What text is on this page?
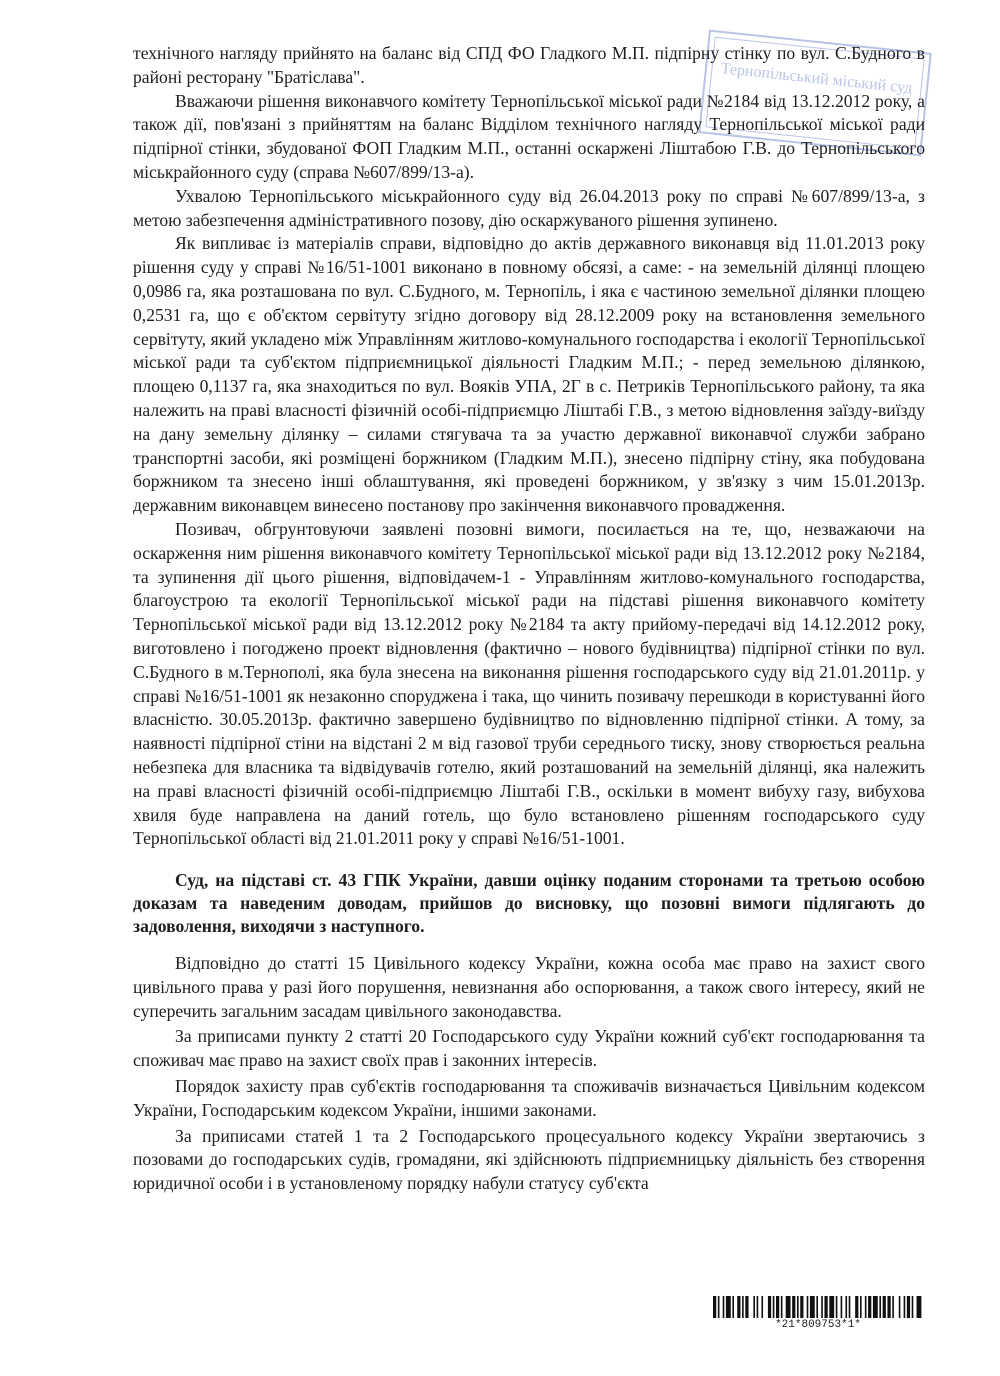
Тернопільський міський суд

технічного нагляду прийнято на баланс від СПД ФО Гладкого М.П. підпірну стінку по вул. С.Будного в районі ресторану "Братіслава".

Вважаючи рішення виконавчого комітету Тернопільської міської ради №2184 від 13.12.2012 року, а також дії, пов'язані з прийняттям на баланс Відділом технічного нагляду Тернопільської міської ради підпірної стінки, збудованої ФОП Гладким М.П., останні оскаржені Ліштабою Г.В. до Тернопільського міськрайонного суду (справа №607/899/13-а).

Ухвалою Тернопільського міськрайонного суду від 26.04.2013 року по справі №607/899/13-а, з метою забезпечення адміністративного позову, дію оскаржуваного рішення зупинено.

Як випливає із матеріалів справи, відповідно до актів державного виконавця від 11.01.2013 року рішення суду у справі №16/51-1001 виконано в повному обсязі, а саме: - на земельній ділянці площею 0,0986 га, яка розташована по вул. С.Будного, м. Тернопіль, і яка є частиною земельної ділянки площею 0,2531 га, що є об'єктом сервітуту згідно договору від 28.12.2009 року на встановлення земельного сервітуту, який укладено між Управлінням житлово-комунального господарства і екології Тернопільської міської ради та суб'єктом підприємницької діяльності Гладким М.П.; - перед земельною ділянкою, площею 0,1137 га, яка знаходиться по вул. Вояків УПА, 2Г в с. Петриків Тернопільського району, та яка належить на праві власності фізичній особі-підприємцю Ліштабі Г.В., з метою відновлення заїзду-виїзду на дану земельну ділянку – силами стягувача та за участю державної виконавчої служби забрано транспортні засоби, які розміщені боржником (Гладким М.П.), знесено підпірну стіну, яка побудована боржником та знесено інші облаштування, які проведені боржником, у зв'язку з чим 15.01.2013р. державним виконавцем винесено постанову про закінчення виконавчого провадження.

Позивач, обгрунтовуючи заявлені позовні вимоги, посилається на те, що, незважаючи на оскарження ним рішення виконавчого комітету Тернопільської міської ради від 13.12.2012 року №2184, та зупинення дії цього рішення, відповідачем-1 - Управлінням житлово-комунального господарства, благоустрою та екології Тернопільської міської ради на підставі рішення виконавчого комітету Тернопільської міської ради від 13.12.2012 року №2184 та акту прийому-передачі від 14.12.2012 року, виготовлено і погоджено проект відновлення (фактично – нового будівництва) підпірної стінки по вул. С.Будного в м.Тернополі, яка була знесена на виконання рішення господарського суду від 21.01.2011р. у справі №16/51-1001 як незаконно споруджена і така, що чинить позивачу перешкоди в користуванні його власністю. 30.05.2013р. фактично завершено будівництво по відновленню підпірної стінки. А тому, за наявності підпірної стіни на відстані 2 м від газової труби середнього тиску, знову створюється реальна небезпека для власника та відвідувачів готелю, який розташований на земельній ділянці, яка належить на праві власності фізичній особі-підприємцю Ліштабі Г.В., оскільки в момент вибуху газу, вибухова хвиля буде направлена на даний готель, що було встановлено рішенням господарського суду Тернопільської області від 21.01.2011 року у справі №16/51-1001.

Суд, на підставі ст. 43 ГПК України, давши оцінку поданим сторонами та третьою особою доказам та наведеним доводам, прийшов до висновку, що позовні вимоги підлягають до задоволення, виходячи з наступного.

Відповідно до статті 15 Цивільного кодексу України, кожна особа має право на захист свого цивільного права у разі його порушення, невизнання або оспорювання, а також свого інтересу, який не суперечить загальним засадам цивільного законодавства.

За приписами пункту 2 статті 20 Господарського суду України кожний суб'єкт господарювання та споживач має право на захист своїх прав і законних інтересів.

Порядок захисту прав суб'єктів господарювання та споживачів визначається Цивільним кодексом України, Господарським кодексом України, іншими законами.

За приписами статей 1 та 2 Господарського процесуального кодексу України звертаючись з позовами до господарських судів, громадяни, які здійснюють підприємницьку діяльність без створення юридичної особи і в установленому порядку набули статусу суб'єкта

*21*809753*1*
